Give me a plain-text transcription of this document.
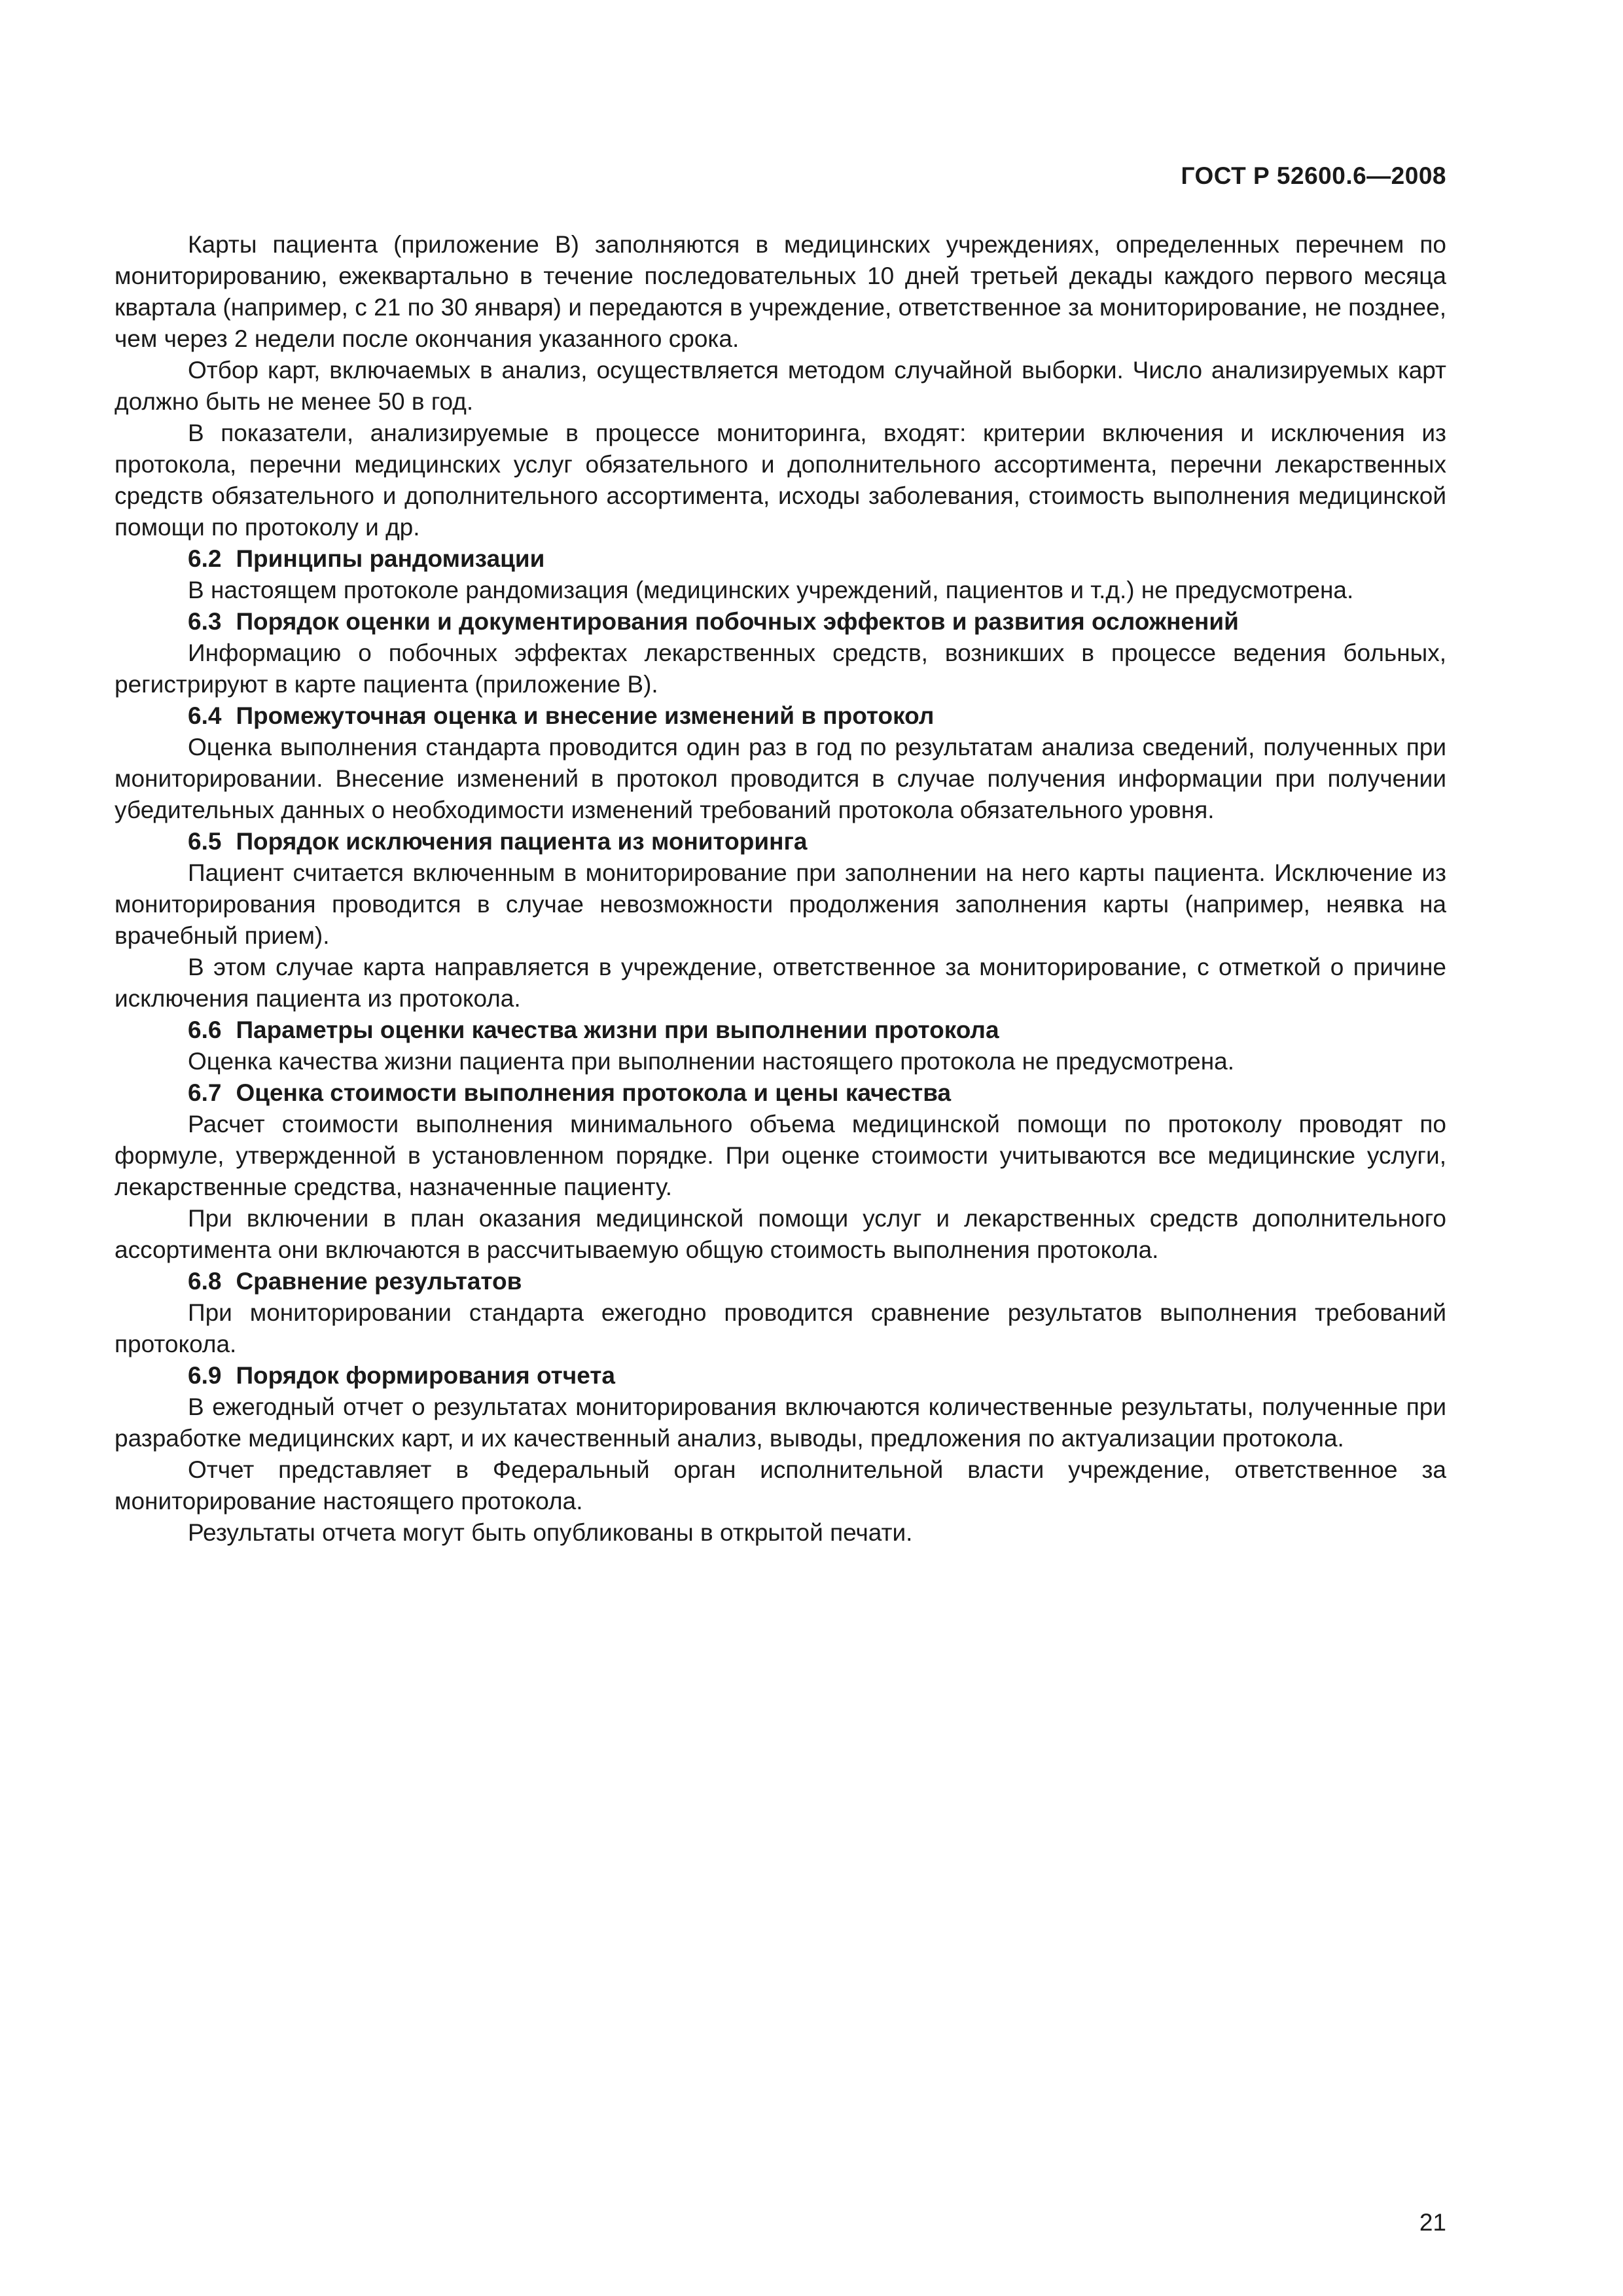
ГОСТ Р 52600.6—2008

Карты пациента (приложение В) заполняются в медицинских учреждениях, определенных перечнем по мониторированию, ежеквартально в течение последовательных 10 дней третьей декады каждого первого месяца квартала (например, с 21 по 30 января) и передаются в учреждение, ответственное за мониторирование, не позднее, чем через 2 недели после окончания указанного срока.

Отбор карт, включаемых в анализ, осуществляется методом случайной выборки. Число анализируемых карт должно быть не менее 50 в год.

В показатели, анализируемые в процессе мониторинга, входят: критерии включения и исключения из протокола, перечни медицинских услуг обязательного и дополнительного ассортимента, перечни лекарственных средств обязательного и дополнительного ассортимента, исходы заболевания, стоимость выполнения медицинской помощи по протоколу и др.

6.2 Принципы рандомизации

В настоящем протоколе рандомизация (медицинских учреждений, пациентов и т.д.) не предусмотрена.

6.3 Порядок оценки и документирования побочных эффектов и развития осложнений

Информацию о побочных эффектах лекарственных средств, возникших в процессе ведения больных, регистрируют в карте пациента (приложение В).

6.4 Промежуточная оценка и внесение изменений в протокол

Оценка выполнения стандарта проводится один раз в год по результатам анализа сведений, полученных при мониторировании. Внесение изменений в протокол проводится в случае получения информации при получении убедительных данных о необходимости изменений требований протокола обязательного уровня.

6.5 Порядок исключения пациента из мониторинга

Пациент считается включенным в мониторирование при заполнении на него карты пациента. Исключение из мониторирования проводится в случае невозможности продолжения заполнения карты (например, неявка на врачебный прием).

В этом случае карта направляется в учреждение, ответственное за мониторирование, с отметкой о причине исключения пациента из протокола.

6.6 Параметры оценки качества жизни при выполнении протокола

Оценка качества жизни пациента при выполнении настоящего протокола не предусмотрена.

6.7 Оценка стоимости выполнения протокола и цены качества

Расчет стоимости выполнения минимального объема медицинской помощи по протоколу проводят по формуле, утвержденной в установленном порядке. При оценке стоимости учитываются все медицинские услуги, лекарственные средства, назначенные пациенту.

При включении в план оказания медицинской помощи услуг и лекарственных средств дополнительного ассортимента они включаются в рассчитываемую общую стоимость выполнения протокола.

6.8 Сравнение результатов

При мониторировании стандарта ежегодно проводится сравнение результатов выполнения требований протокола.

6.9 Порядок формирования отчета

В ежегодный отчет о результатах мониторирования включаются количественные результаты, полученные при разработке медицинских карт, и их качественный анализ, выводы, предложения по актуализации протокола.

Отчет представляет в Федеральный орган исполнительной власти учреждение, ответственное за мониторирование настоящего протокола.

Результаты отчета могут быть опубликованы в открытой печати.

21
